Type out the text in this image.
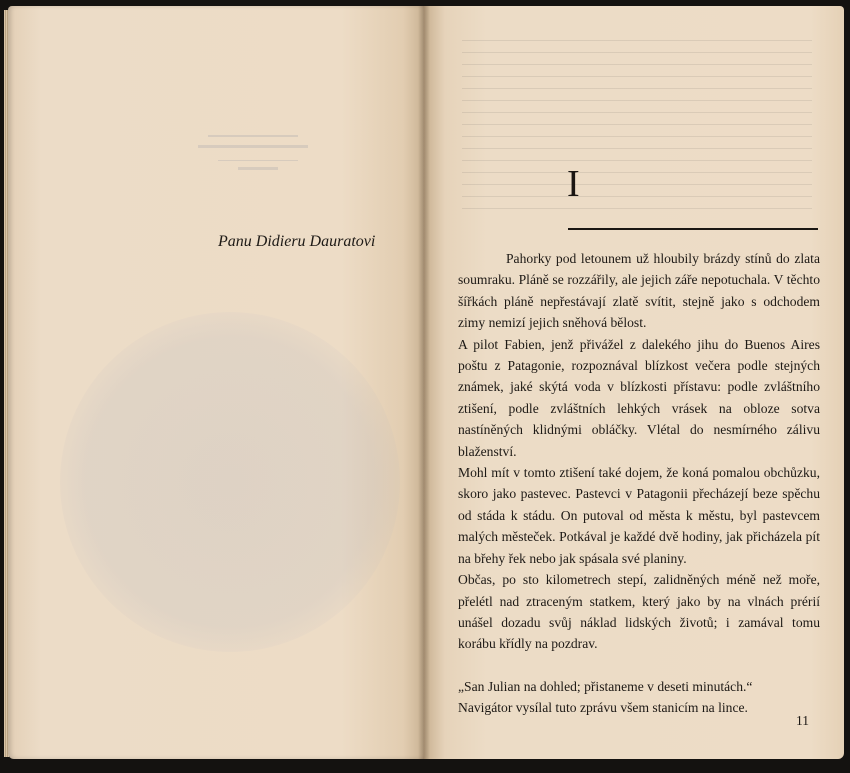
Panu Didieru Dauratovi
I

Pahorky pod letounem už hloubily brázdy stínů do zlata soumraku. Pláně se rozzářily, ale jejich záře nepotuchala. V těchto šířkách pláně nepřestávají zlatě svítit, stejně jako s odchodem zimy nemizí jejich sněhová bělost.

A pilot Fabien, jenž přivážel z dalekého jihu do Buenos Aires poštu z Patagonie, rozpoznával blízkost večera podle stejných známek, jaké skýtá voda v blízkosti přístavu: podle zvláštního ztišení, podle zvláštních lehkých vrásek na obloze sotva nastíněných klidnými obláčky. Vlétal do nesmírného zálivu blaženství.

Mohl mít v tomto ztišení také dojem, že koná pomalou obchůzku, skoro jako pastevec. Pastevci v Patagonii přecházejí beze spěchu od stáda k stádu. On putoval od města k městu, byl pastevcem malých městeček. Potkával je každé dvě hodiny, jak přicházela pít na břehy řek nebo jak spásala své planiny.

Občas, po sto kilometrech stepí, zalidněných méně než moře, přelétl nad ztraceným statkem, který jako by na vlnách prérií unášel dozadu svůj náklad lidských životů; i zamával tomu korábu křídly na pozdrav.

„San Julian na dohled; přistaneme v deseti minutách.“

Navigátor vysílal tuto zprávu všem stanicím na lince.

11
